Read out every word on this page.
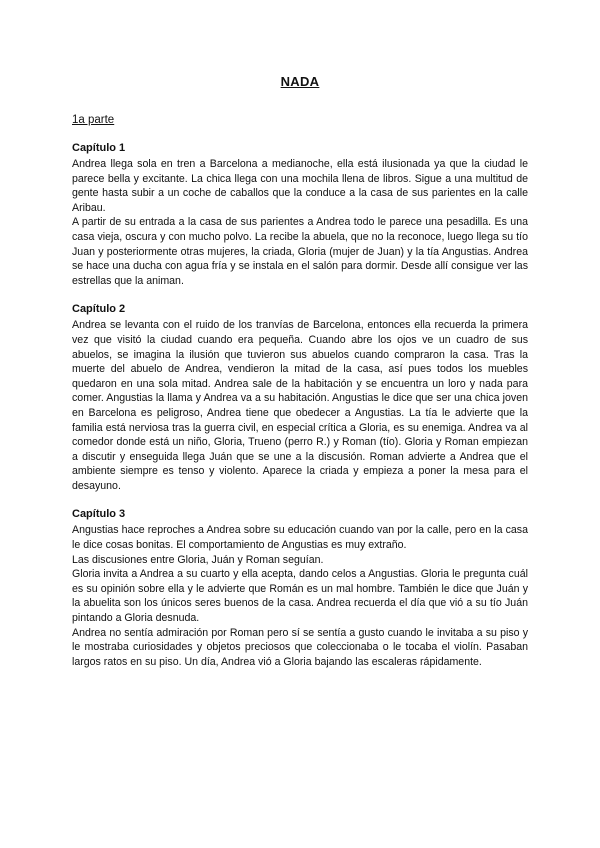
NADA
1a parte
Capítulo 1

Andrea llega sola en tren a Barcelona a medianoche, ella está ilusionada ya que la ciudad le parece bella y excitante. La chica llega con una mochila llena de libros. Sigue a una multitud de gente hasta subir a un coche de caballos que la conduce a la casa de sus parientes en la calle Aribau.

A partir de su entrada a la casa de sus parientes a Andrea todo le parece una pesadilla. Es una casa vieja, oscura y con mucho polvo. La recibe la abuela, que no la reconoce, luego llega su tío Juan y posteriormente otras mujeres, la criada, Gloria (mujer de Juan) y la tía Angustias. Andrea se hace una ducha con agua fría y se instala en el salón para dormir. Desde allí consigue ver las estrellas que la animan.

Capítulo 2

Andrea se levanta con el ruido de los tranvías de Barcelona, entonces ella recuerda la primera vez que visitó la ciudad cuando era pequeña. Cuando abre los ojos ve un cuadro de sus abuelos, se imagina la ilusión que tuvieron sus abuelos cuando compraron la casa. Tras la muerte del abuelo de Andrea, vendieron la mitad de la casa, así pues todos los muebles quedaron en una sola mitad. Andrea sale de la habitación y se encuentra un loro y nada para comer. Angustias la llama y Andrea va a su habitación. Angustias le dice que ser una chica joven en Barcelona es peligroso, Andrea tiene que obedecer a Angustias. La tía le advierte que la familia está nerviosa tras la guerra civil, en especial crítica a Gloria, es su enemiga. Andrea va al comedor donde está un niño, Gloria, Trueno (perro R.) y Roman (tío). Gloria y Roman empiezan a discutir y enseguida llega Juán que se une a la discusión. Roman advierte a Andrea que el ambiente siempre es tenso y violento. Aparece la criada y empieza a poner la mesa para el desayuno.

Capítulo 3

Angustias hace reproches a Andrea sobre su educación cuando van por la calle, pero en la casa le dice cosas bonitas. El comportamiento de Angustias es muy extraño.

Las discusiones entre Gloria, Juán y Roman seguían.

Gloria invita a Andrea a su cuarto y ella acepta, dando celos a Angustias. Gloria le pregunta cuál es su opinión sobre ella y le advierte que Román es un mal hombre. También le dice que Juán y la abuelita son los únicos seres buenos de la casa. Andrea recuerda el día que vió a su tío Juán pintando a Gloria desnuda.

Andrea no sentía admiración por Roman pero sí se sentía a gusto cuando le invitaba a su piso y le mostraba curiosidades y objetos preciosos que coleccionaba o le tocaba el violín. Pasaban largos ratos en su piso. Un día, Andrea vió a Gloria bajando las escaleras rápidamente.
